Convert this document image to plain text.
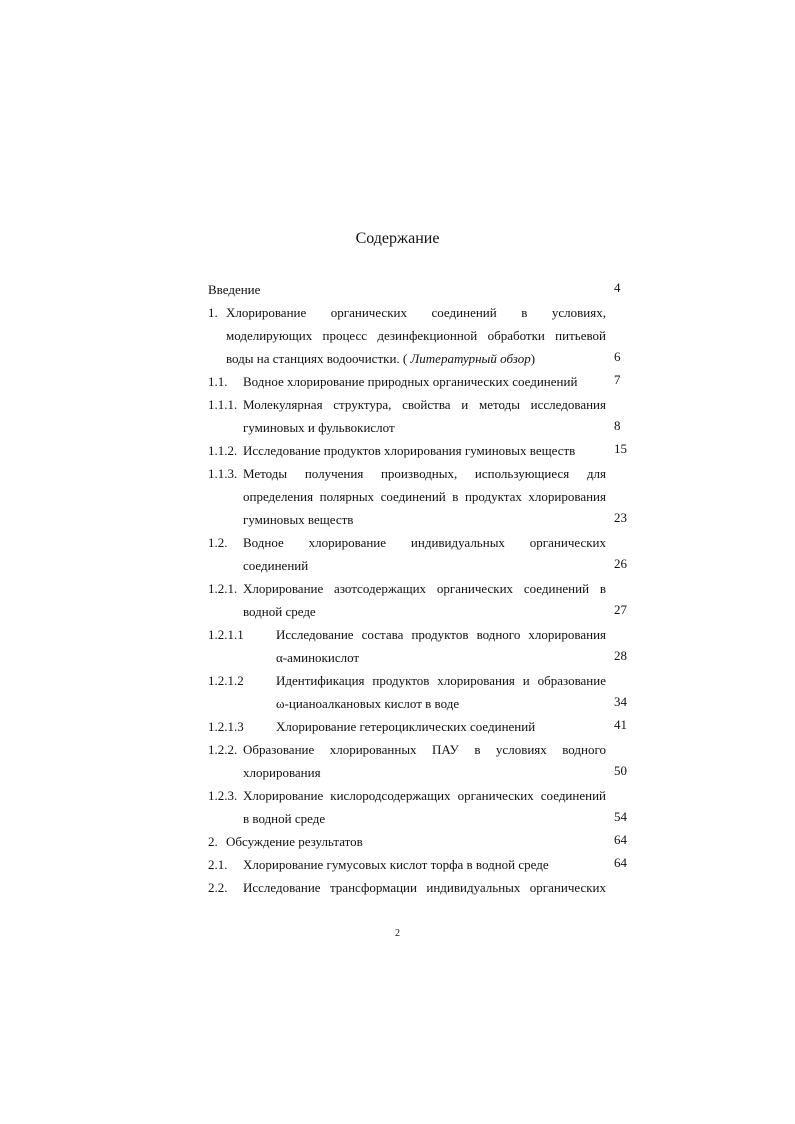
Содержание
Введение	4
1. Хлорирование органических соединений в условиях,
моделирующих процесс дезинфекционной обработки питьевой
воды на станциях водоочистки. ( Литературный обзор)	6
1.1. Водное хлорирование природных органических соединений	7
1.1.1. Молекулярная структура, свойства и методы исследования
гуминовых и фульвокислот	8
1.1.2. Исследование продуктов хлорирования гуминовых веществ	15
1.1.3. Методы получения производных, использующиеся для
определения полярных соединений в продуктах хлорирования
гуминовых веществ	23
1.2. Водное хлорирование индивидуальных органических
соединений	26
1.2.1. Хлорирование азотсодержащих органических соединений в
водной среде	27
1.2.1.1 Исследование состава продуктов водного хлорирования
α-аминокислот	28
1.2.1.2 Идентификация продуктов хлорирования и образование
ω-цианоалкановых кислот в воде	34
1.2.1.3 Хлорирование гетероциклических соединений	41
1.2.2. Образование хлорированных ПАУ в условиях водного
хлорирования	50
1.2.3. Хлорирование кислородсодержащих органических соединений
в водной среде	54
2. Обсуждение результатов	64
2.1. Хлорирование гумусовых кислот торфа в водной среде	64
2.2. Исследование трансформации индивидуальных органических
2
